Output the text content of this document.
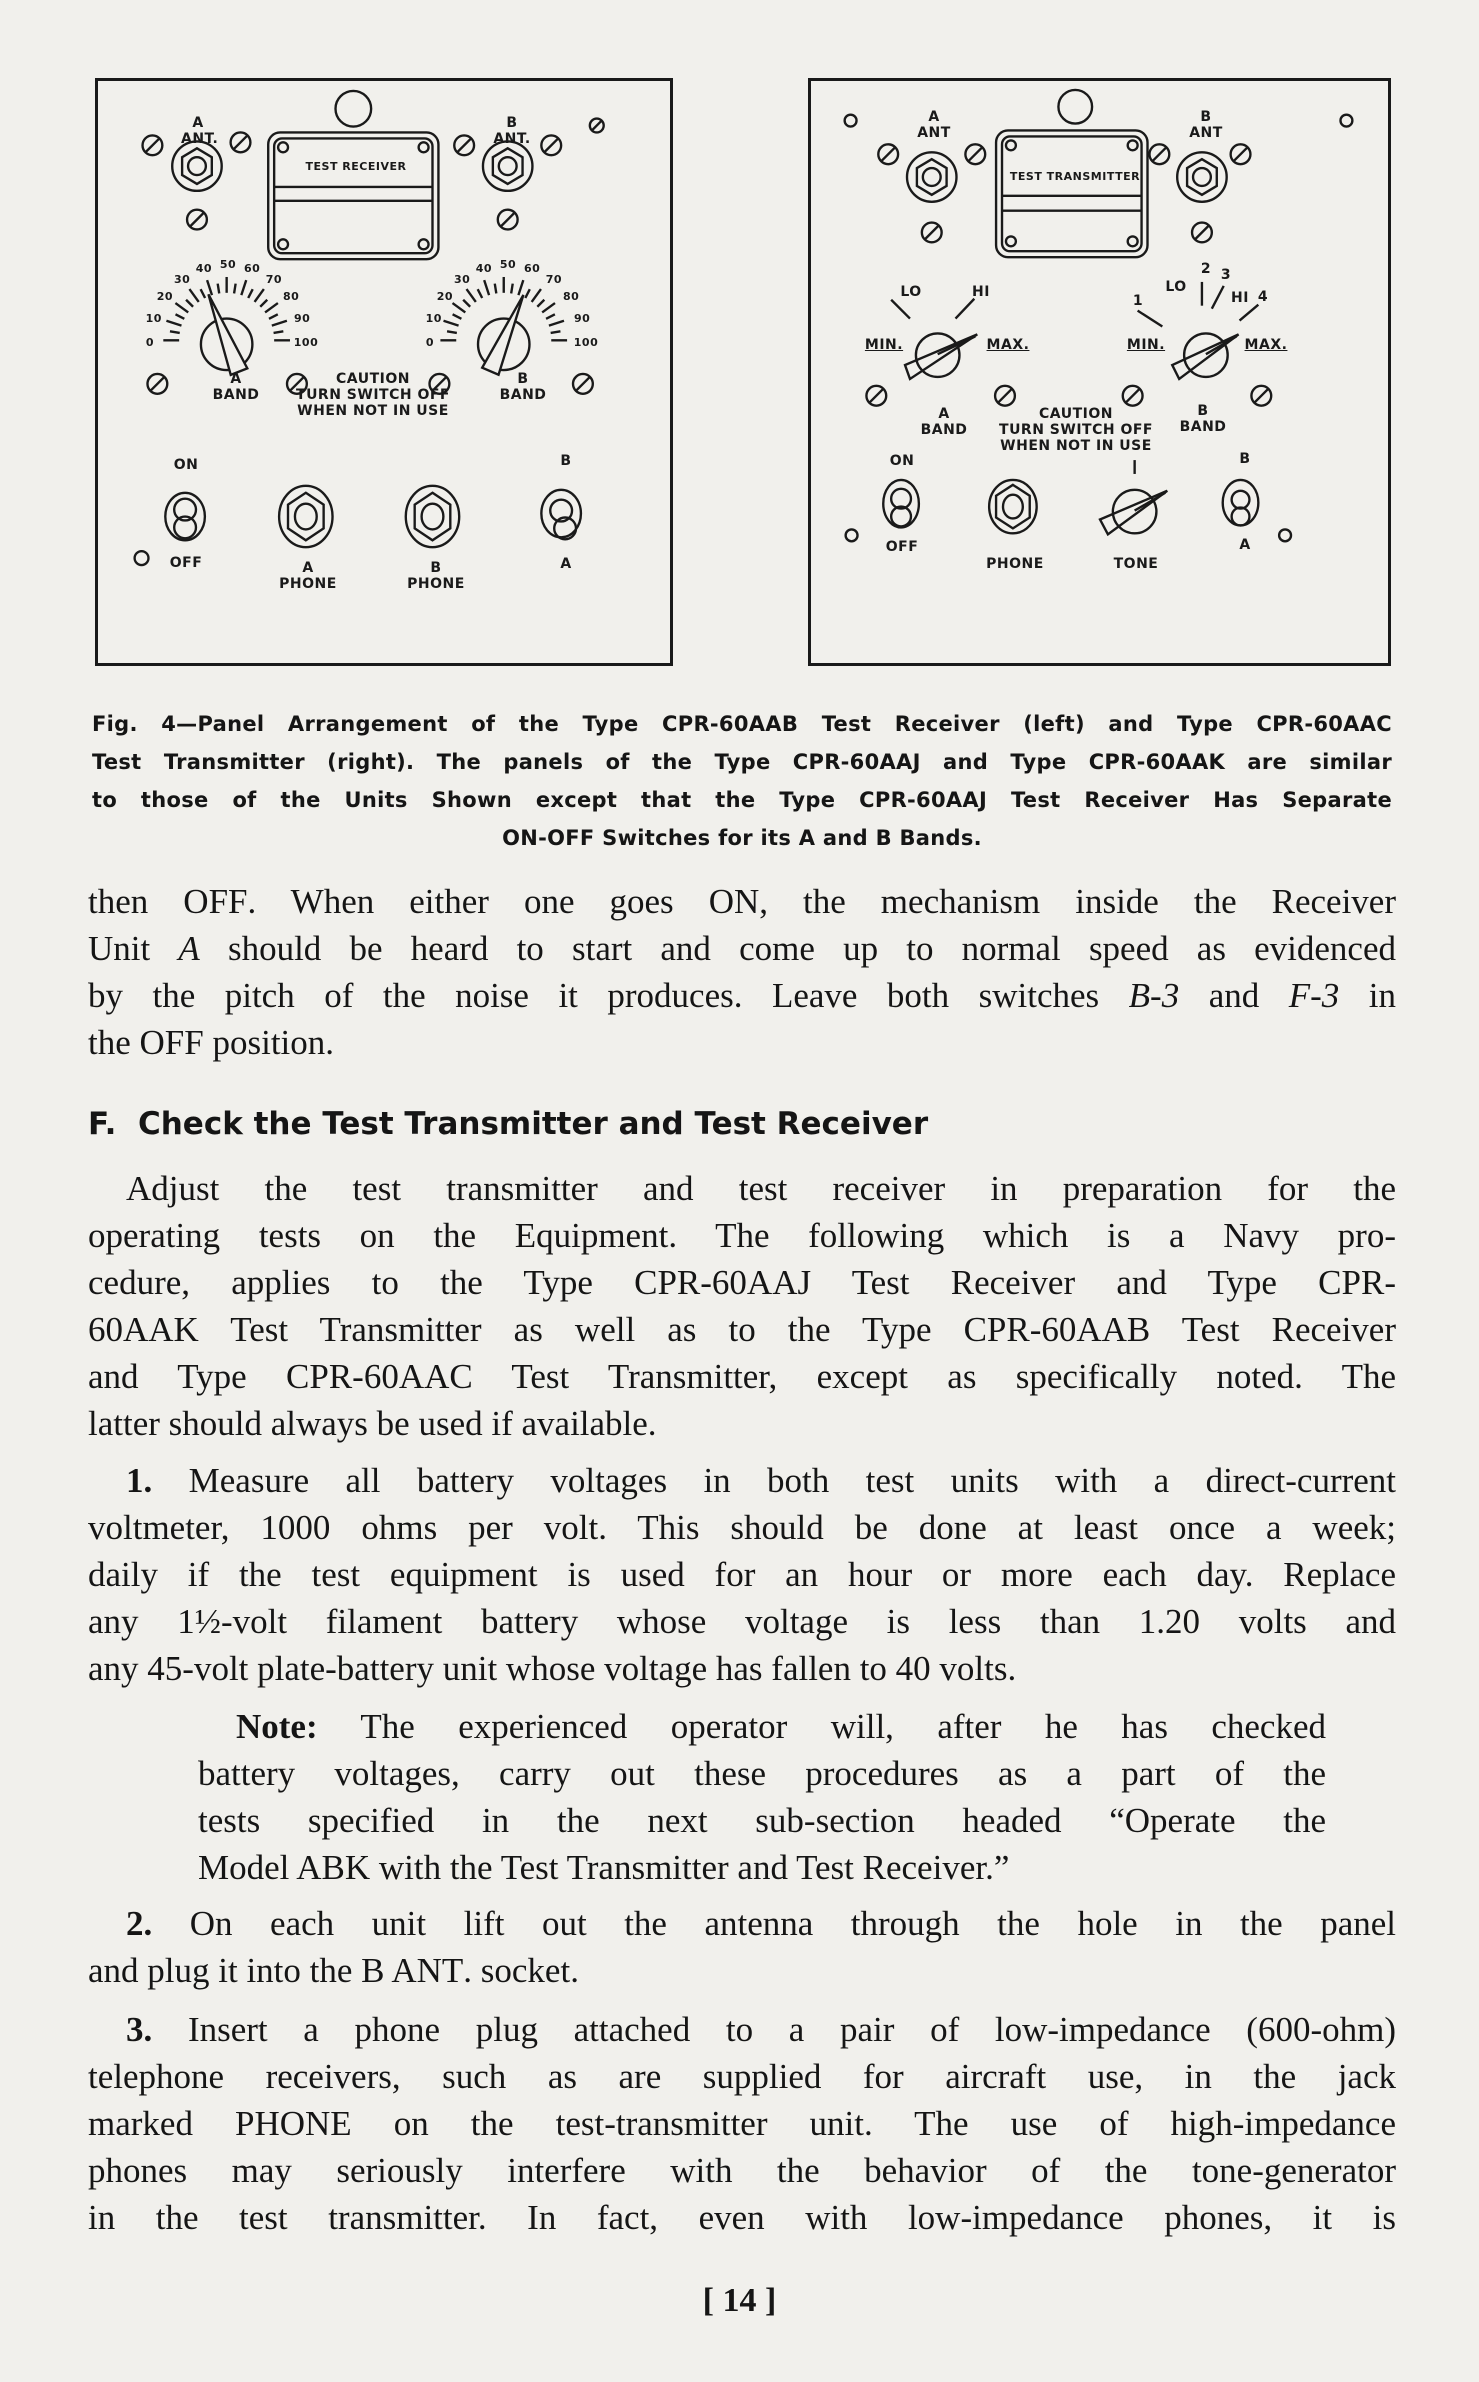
A
ANT.
B
ANT.
TEST RECEIVER
0
10
20
30
40 50 60
70
80
90
100	0
10
20
30
40 50 60
70
80
90
100
A
BAND
B
BAND
CAUTION
TURN SWITCH OFF
WHEN NOT IN USE
ON
OFF	A
PHONE
B
PHONE
B
A
A
ANT
B
ANT
TEST TRANSMITTER
LO	HI
MIN.	MAX.
LO
HI
1
2 3
4
MIN.	MAX.
A
BAND
B
BAND
CAUTION
TURN SWITCH OFF
WHEN NOT IN USE
ON
OFF
PHONE	TONE
B
A
Fig. 4—Panel Arrangement of the Type CPR-60AAB Test Receiver (left) and Type CPR-60AAC
Test Transmitter (right). The panels of the Type CPR-60AAJ and Type CPR-60AAK are similar
to those of the Units Shown except that the Type CPR-60AAJ Test Receiver Has Separate
ON-OFF Switches for its A and B Bands.
then OFF. When either one goes ON, the mechanism inside the Receiver
Unit A should be heard to start and come up to normal speed as evidenced
by the pitch of the noise it produces. Leave both switches B-3 and F-3 in
the OFF position.
F.  Check the Test Transmitter and Test Receiver
Adjust the test transmitter and test receiver in preparation for the
operating tests on the Equipment. The following which is a Navy pro-
cedure, applies to the Type CPR-60AAJ Test Receiver and Type CPR-
60AAK Test Transmitter as well as to the Type CPR-60AAB Test Receiver
and Type CPR-60AAC Test Transmitter, except as specifically noted. The
latter should always be used if available.
1. Measure all battery voltages in both test units with a direct-current
voltmeter, 1000 ohms per volt. This should be done at least once a week;
daily if the test equipment is used for an hour or more each day. Replace
any 1½-volt filament battery whose voltage is less than 1.20 volts and
any 45-volt plate-battery unit whose voltage has fallen to 40 volts.
Note: The experienced operator will, after he has checked
battery voltages, carry out these procedures as a part of the
tests specified in the next sub-section headed “Operate the
Model ABK with the Test Transmitter and Test Receiver.”
2. On each unit lift out the antenna through the hole in the panel
and plug it into the B ANT. socket.
3. Insert a phone plug attached to a pair of low-impedance (600-ohm)
telephone receivers, such as are supplied for aircraft use, in the jack
marked PHONE on the test-transmitter unit. The use of high-impedance
phones may seriously interfere with the behavior of the tone-generator
in the test transmitter. In fact, even with low-impedance phones, it is
[ 14 ]
